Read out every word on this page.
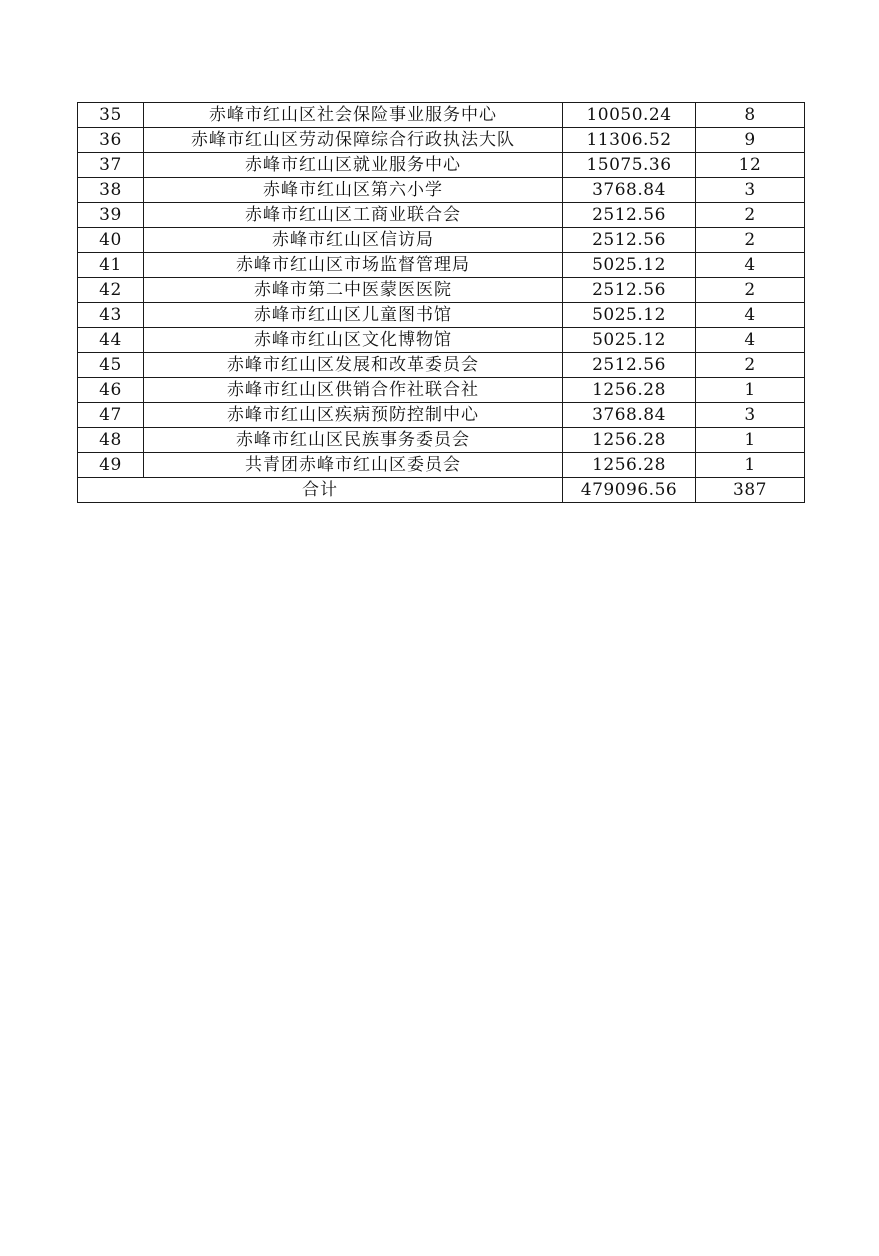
35	赤峰市红山区社会保险事业服务中心	10050.24	8
36	赤峰市红山区劳动保障综合行政执法大队	11306.52	9
37	赤峰市红山区就业服务中心	15075.36	12
38	赤峰市红山区第六小学	3768.84	3
39	赤峰市红山区工商业联合会	2512.56	2
40	赤峰市红山区信访局	2512.56	2
41	赤峰市红山区市场监督管理局	5025.12	4
42	赤峰市第二中医蒙医医院	2512.56	2
43	赤峰市红山区儿童图书馆	5025.12	4
44	赤峰市红山区文化博物馆	5025.12	4
45	赤峰市红山区发展和改革委员会	2512.56	2
46	赤峰市红山区供销合作社联合社	1256.28	1
47	赤峰市红山区疾病预防控制中心	3768.84	3
48	赤峰市红山区民族事务委员会	1256.28	1
49	共青团赤峰市红山区委员会	1256.28	1
合计		479096.56	387
